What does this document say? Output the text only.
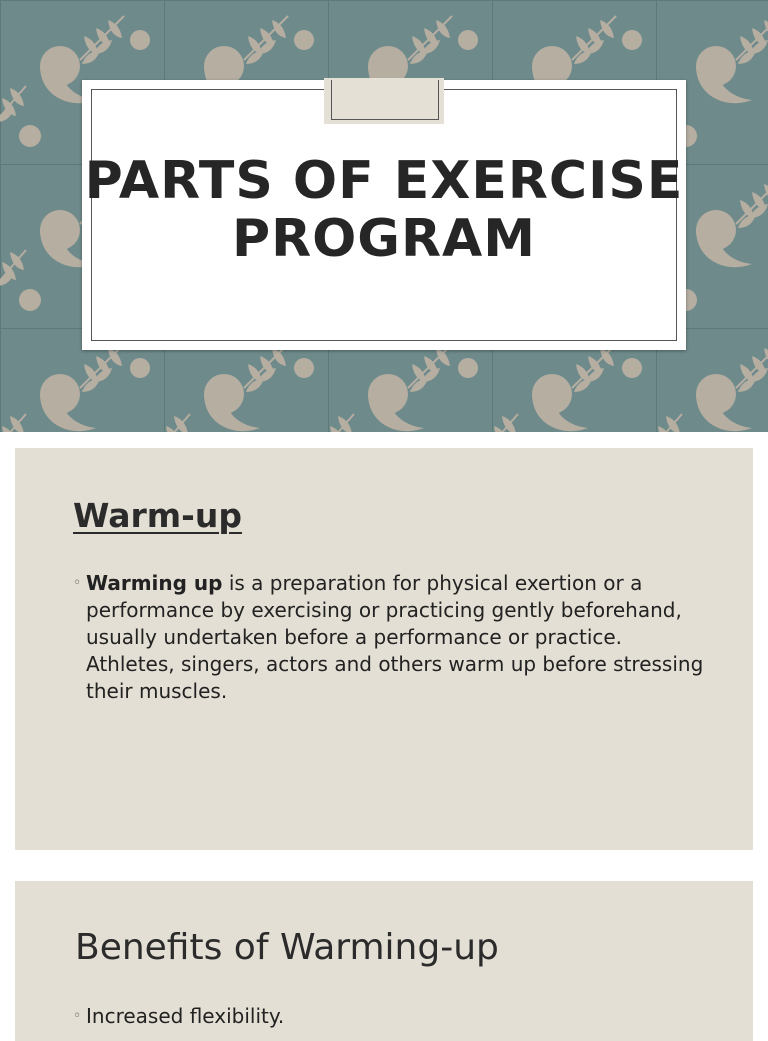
PARTS OF EXERCISE
PROGRAM
Warm-up
◦ Warming up is a preparation for physical exertion or a performance by exercising or practicing gently beforehand, usually undertaken before a performance or practice. Athletes, singers, actors and others warm up before stressing their muscles.
Benefits of Warming-up
◦ Increased flexibility.
